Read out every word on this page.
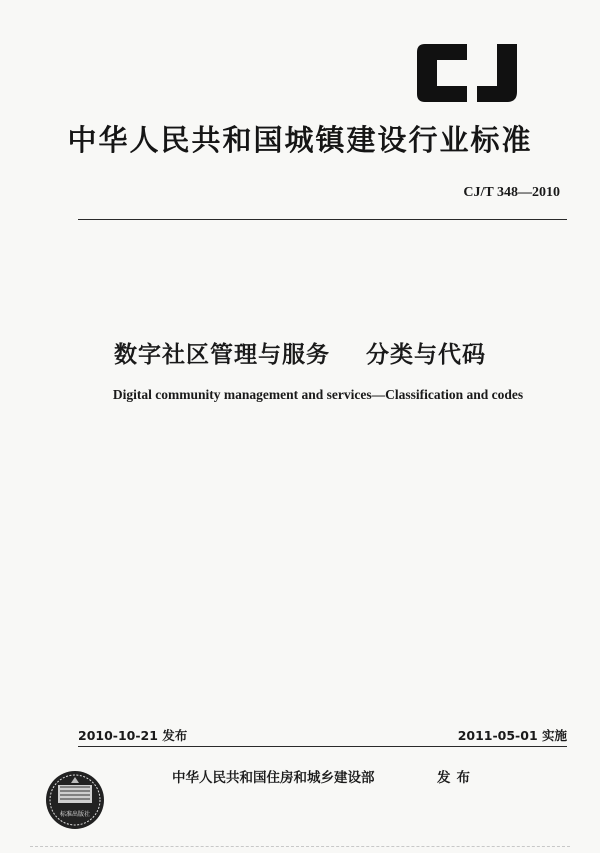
中华人民共和国城镇建设行业标准
CJ/T 348—2010
数字社区管理与服务    分类与代码
Digital community management and services—Classification and codes
2010-10-21 发布	2011-05-01 实施
标准出版社
中华人民共和国住房和城乡建设部	发布
